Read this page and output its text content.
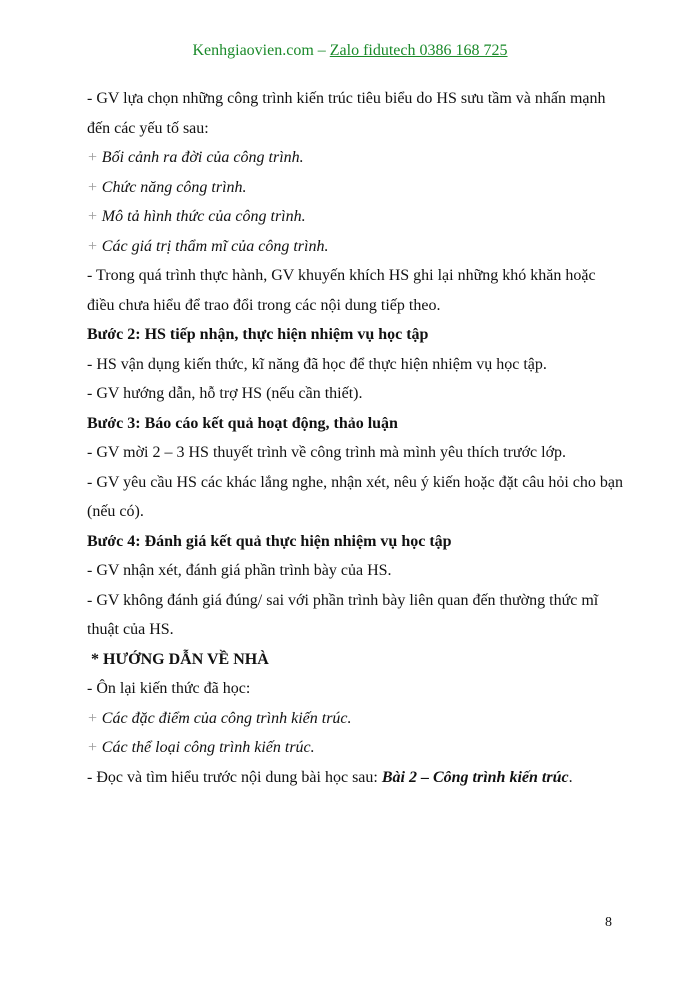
Kenhgiaovien.com – Zalo fidutech 0386 168 725

- GV lựa chọn những công trình kiến trúc tiêu biểu do HS sưu tầm và nhấn mạnh đến các yếu tố sau:

+ Bối cảnh ra đời của công trình.

+ Chức năng công trình.

+ Mô tả hình thức của công trình.

+ Các giá trị thẩm mĩ của công trình.

- Trong quá trình thực hành, GV khuyến khích HS ghi lại những khó khăn hoặc điều chưa hiểu để trao đổi trong các nội dung tiếp theo.

Bước 2: HS tiếp nhận, thực hiện nhiệm vụ học tập

- HS vận dụng kiến thức, kĩ năng đã học để thực hiện nhiệm vụ học tập.

- GV hướng dẫn, hỗ trợ HS (nếu cần thiết).

Bước 3: Báo cáo kết quả hoạt động, thảo luận

- GV mời 2 – 3 HS thuyết trình về công trình mà mình yêu thích trước lớp.

- GV yêu cầu HS các khác lắng nghe, nhận xét, nêu ý kiến hoặc đặt câu hỏi cho bạn (nếu có).

Bước 4: Đánh giá kết quả thực hiện nhiệm vụ học tập

- GV nhận xét, đánh giá phần trình bày của HS.

- GV không đánh giá đúng/ sai với phần trình bày liên quan đến thường thức mĩ thuật của HS.

* HƯỚNG DẪN VỀ NHÀ

- Ôn lại kiến thức đã học:

+ Các đặc điểm của công trình kiến trúc.

+ Các thể loại công trình kiến trúc.

- Đọc và tìm hiểu trước nội dung bài học sau: Bài 2 – Công trình kiến trúc.

8
